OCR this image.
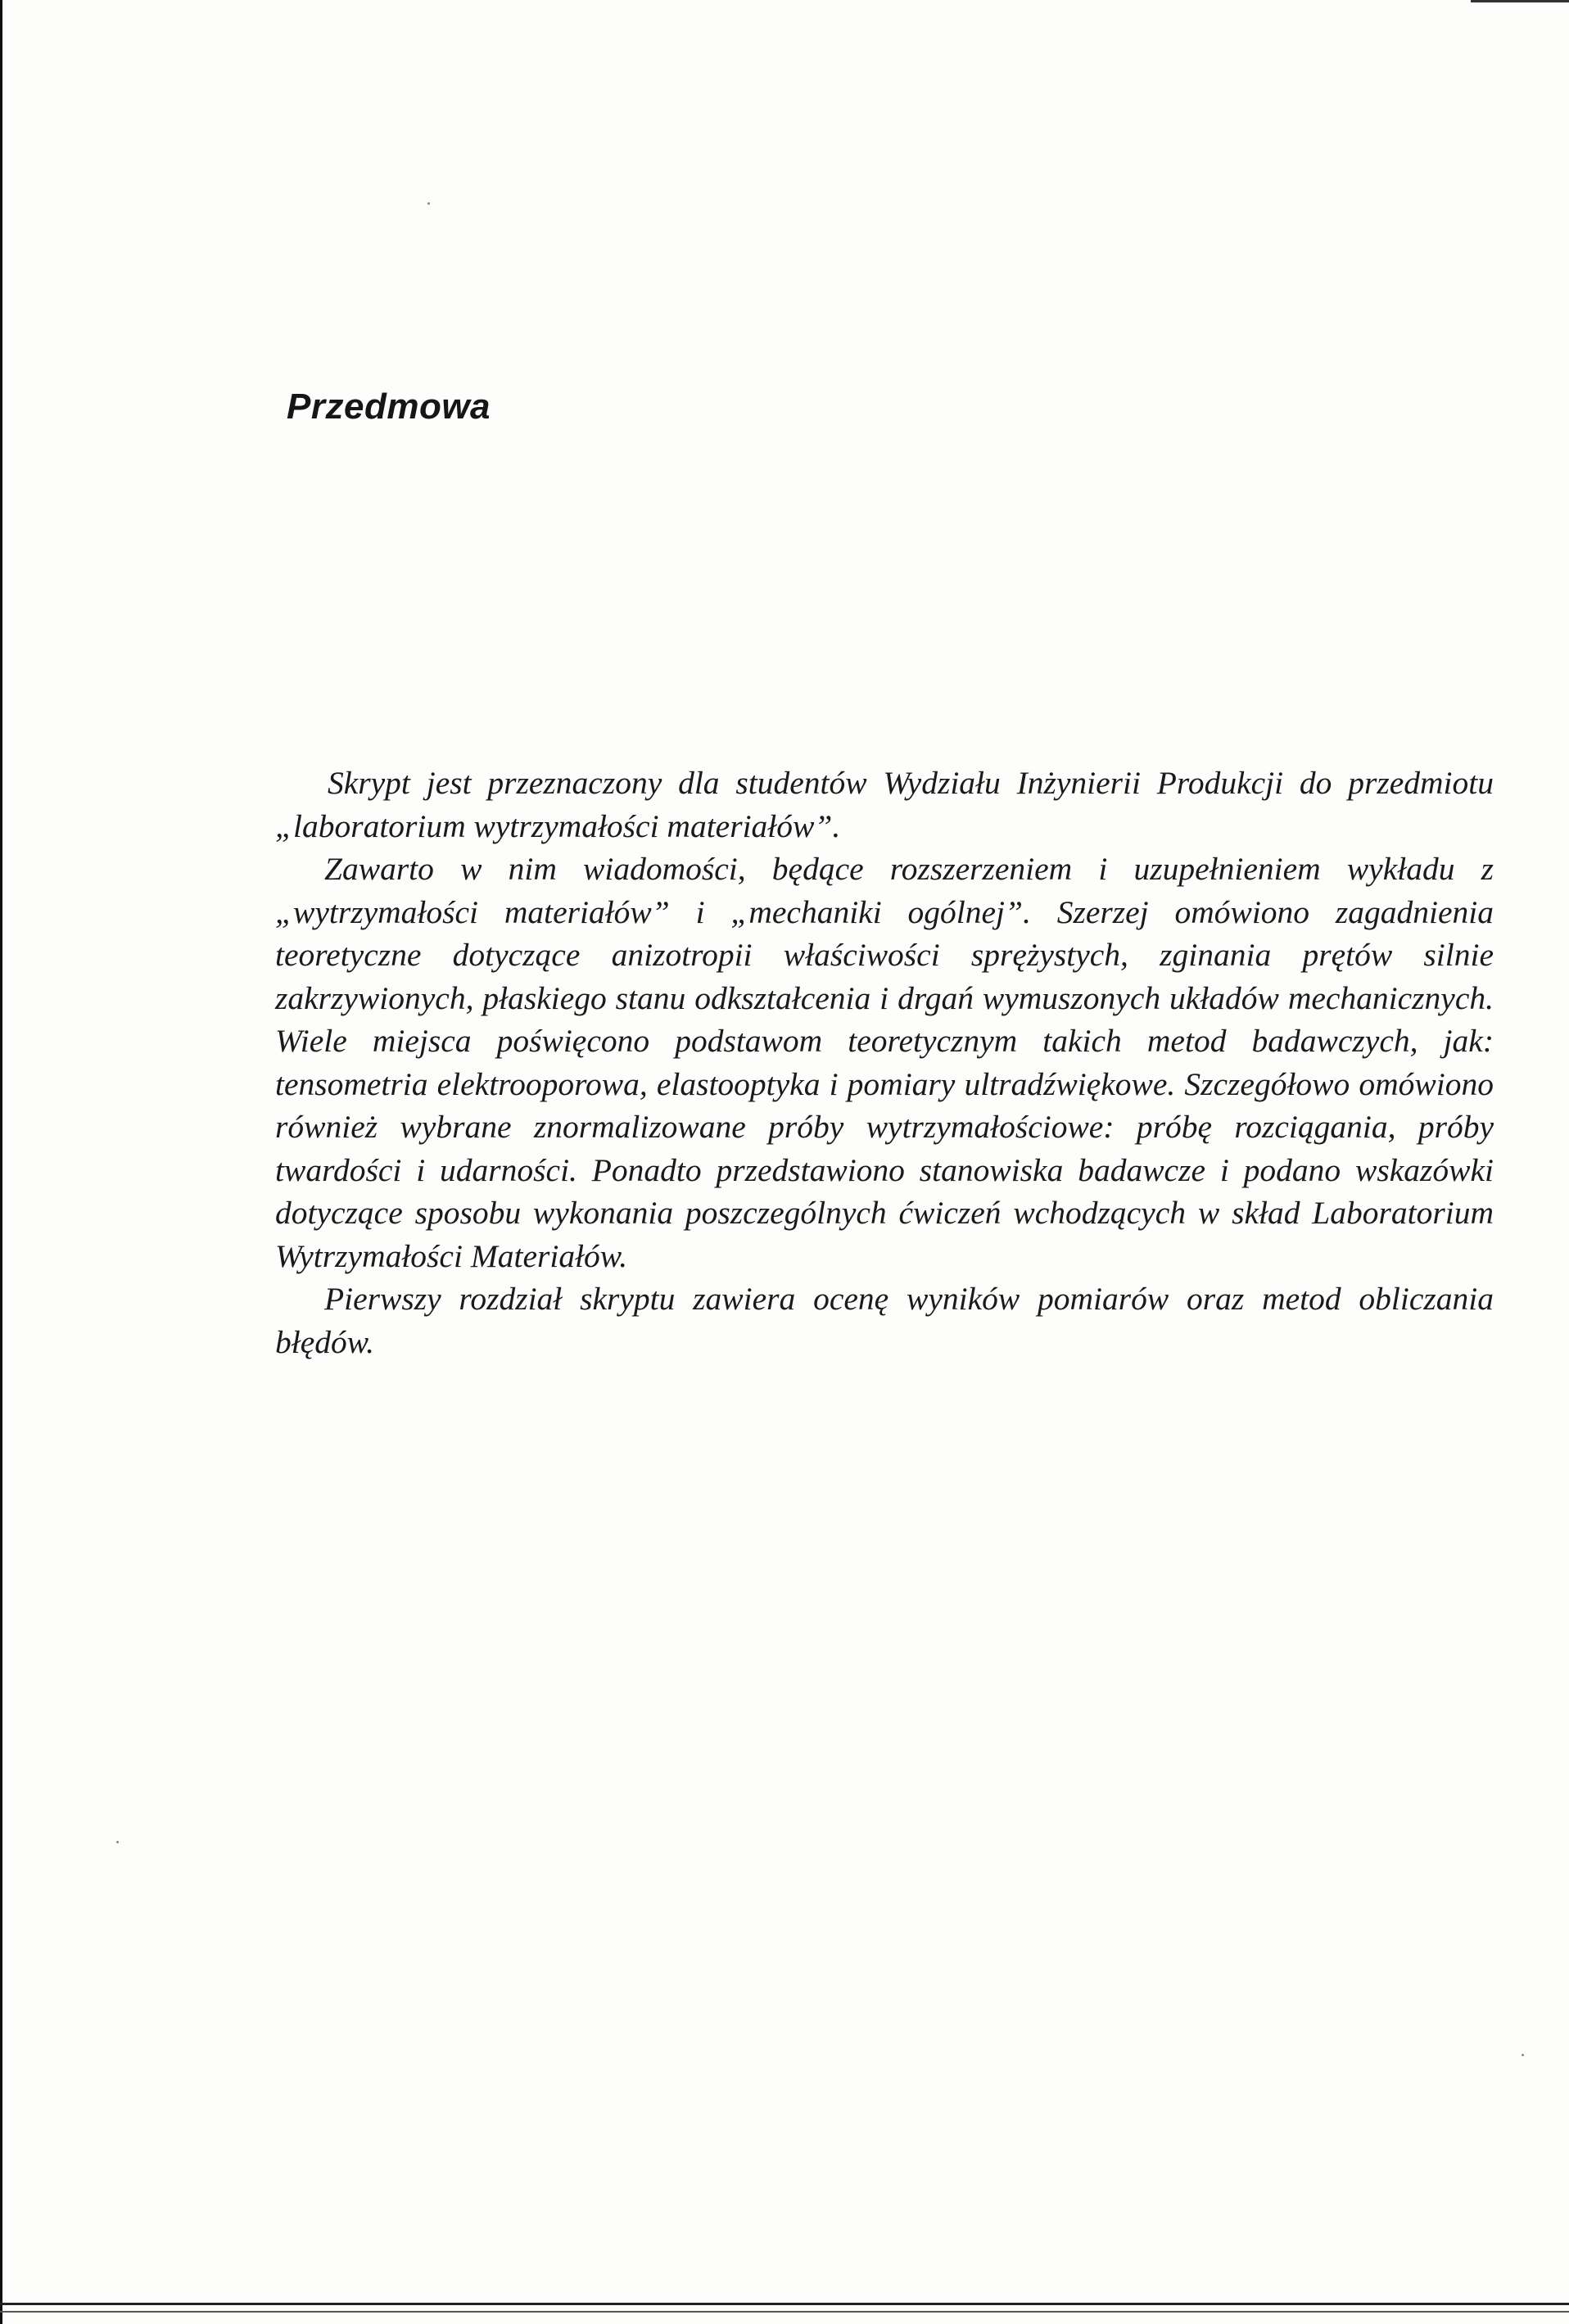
Przedmowa

Skrypt jest przeznaczony dla studentów Wydziału Inżynierii Produkcji do przedmiotu „laboratorium wytrzymałości materiałów”.

Zawarto w nim wiadomości, będące rozszerzeniem i uzupełnieniem wykładu z „wytrzymałości materiałów” i „mechaniki ogólnej”. Szerzej omówiono zagadnienia teoretyczne dotyczące anizotropii właściwości sprężystych, zginania prętów silnie zakrzywionych, płaskiego stanu odkształcenia i drgań wymuszonych układów mechanicznych. Wiele miejsca poświęcono podstawom teoretycznym takich metod badawczych, jak: tensometria elektrooporowa, elastooptyka i pomiary ultradźwiękowe. Szczegółowo omówiono również wybrane znormalizowane próby wytrzymałościowe: próbę rozciągania, próby twardości i udarności. Ponadto przedstawiono stanowiska badawcze i podano wskazówki dotyczące sposobu wykonania poszczególnych ćwiczeń wchodzących w skład Laboratorium Wytrzymałości Materiałów.

Pierwszy rozdział skryptu zawiera ocenę wyników pomiarów oraz metod obliczania błędów.
